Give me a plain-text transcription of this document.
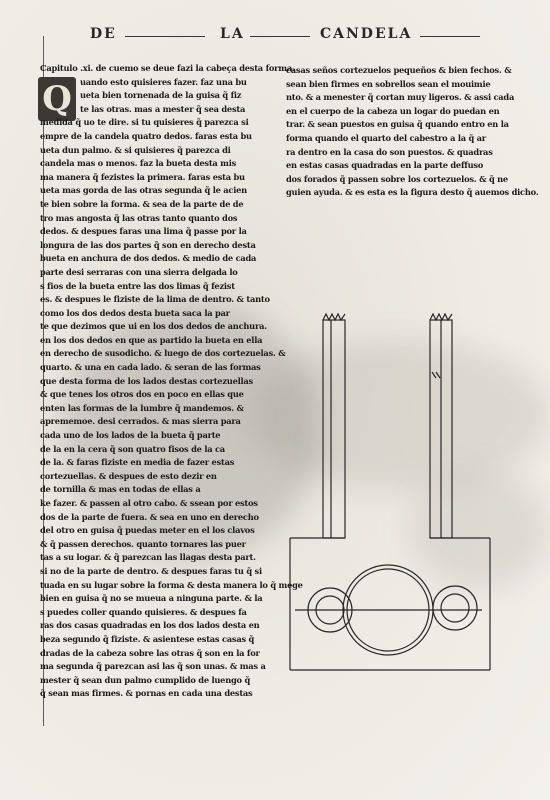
DE	LA	CANDELA
Q
Capitulo .xi. de cuemo se deue fazi la cabeça desta forma.
uando esto quisieres fazer. faz una bu
ueta bien tornenada de la guisa q̃ fiz
te las otras. mas a mester q̃ sea desta
medida q̃ uo te dire. si tu quisieres q̃ parezca si
empre de la candela quatro dedos. faras esta bu
ueta dun palmo. & si quisieres q̃ parezca di
candela mas o menos. faz la bueta desta mis
ma manera q̃ fezistes la primera. faras esta bu
ueta mas gorda de las otras segunda q̃ le acien
te bien sobre la forma. & sea de la parte de de
tro mas angosta q̃ las otras tanto quanto dos
dedos. & despues faras una lima q̃ passe por la
longura de las dos partes q̃ son en derecho desta
bueta en anchura de dos dedos. & medio de cada
parte desi serraras con una sierra delgada lo
s fios de la bueta entre las dos limas q̃ fezist
es. & despues le fiziste de la lima de dentro. & tanto
como los dos dedos desta bueta saca la par
te que dezimos que ui en los dos dedos de anchura.
en los dos dedos en que as partido la bueta en ella
en derecho de susodicho. & luego de dos cortezuelas. &
quarto. & una en cada lado. & seran de las formas
que desta forma de los lados destas cortezuellas
& que tenes los otros dos en poco en ellas que
enten las formas de la lumbre q̃ mandemos. &
aprememoe. desi cerrados. & mas sierra para
cada uno de los lados de la bueta q̃ parte
de la en la cera q̃ son quatro fisos de la ca
de la. & faras fiziste en media de fazer estas
cortezuellas. & despues de esto dezir en
de tornilla & mas en todas de ellas a
ke fazer. & passen al otro cabo. & ssean por estos
dos de la parte de fuera. & sea en uno en derecho
del otro en guisa q̃ puedas meter en el los clavos
& q̃ passen derechos. quanto tornares las puer
tas a su logar. & q̃ parezcan las llagas desta part.
si no de la parte de dentro. & despues faras tu q̃ si
tuada en su lugar sobre la forma & desta manera lo q̃ mege
bien en guisa q̃ no se mueua a ninguna parte. & la
s puedes coller quando quisieres. & despues fa
ras dos casas quadradas en los dos lados desta en
beza segundo q̃ fiziste. & asientese estas casas q̃
dradas de la cabeza sobre las otras q̃ son en la for
ma segunda q̃ parezcan asi las q̃ son unas. & mas a
mester q̃ sean dun palmo cumplido de luengo q̃
q̃ sean mas firmes. & pornas en cada una destas
casas seños cortezuelos pequeños & bien fechos. &
sean bien firmes en sobrellos sean el mouimie
nto. & a menester q̃ cortan muy ligeros. & assi cada
en el cuerpo de la cabeza un logar do puedan en
trar. & sean puestos en guisa q̃ quando entro en la
forma quando el quarto del cabestro a la q̃ ar
ra dentro en la casa do son puestos. & quadras
en estas casas quadradas en la parte deffuso
dos forados q̃ passen sobre los cortezuelos. & q̃ ne
guien ayuda. & es esta es la figura desto q̃ auemos dicho.
